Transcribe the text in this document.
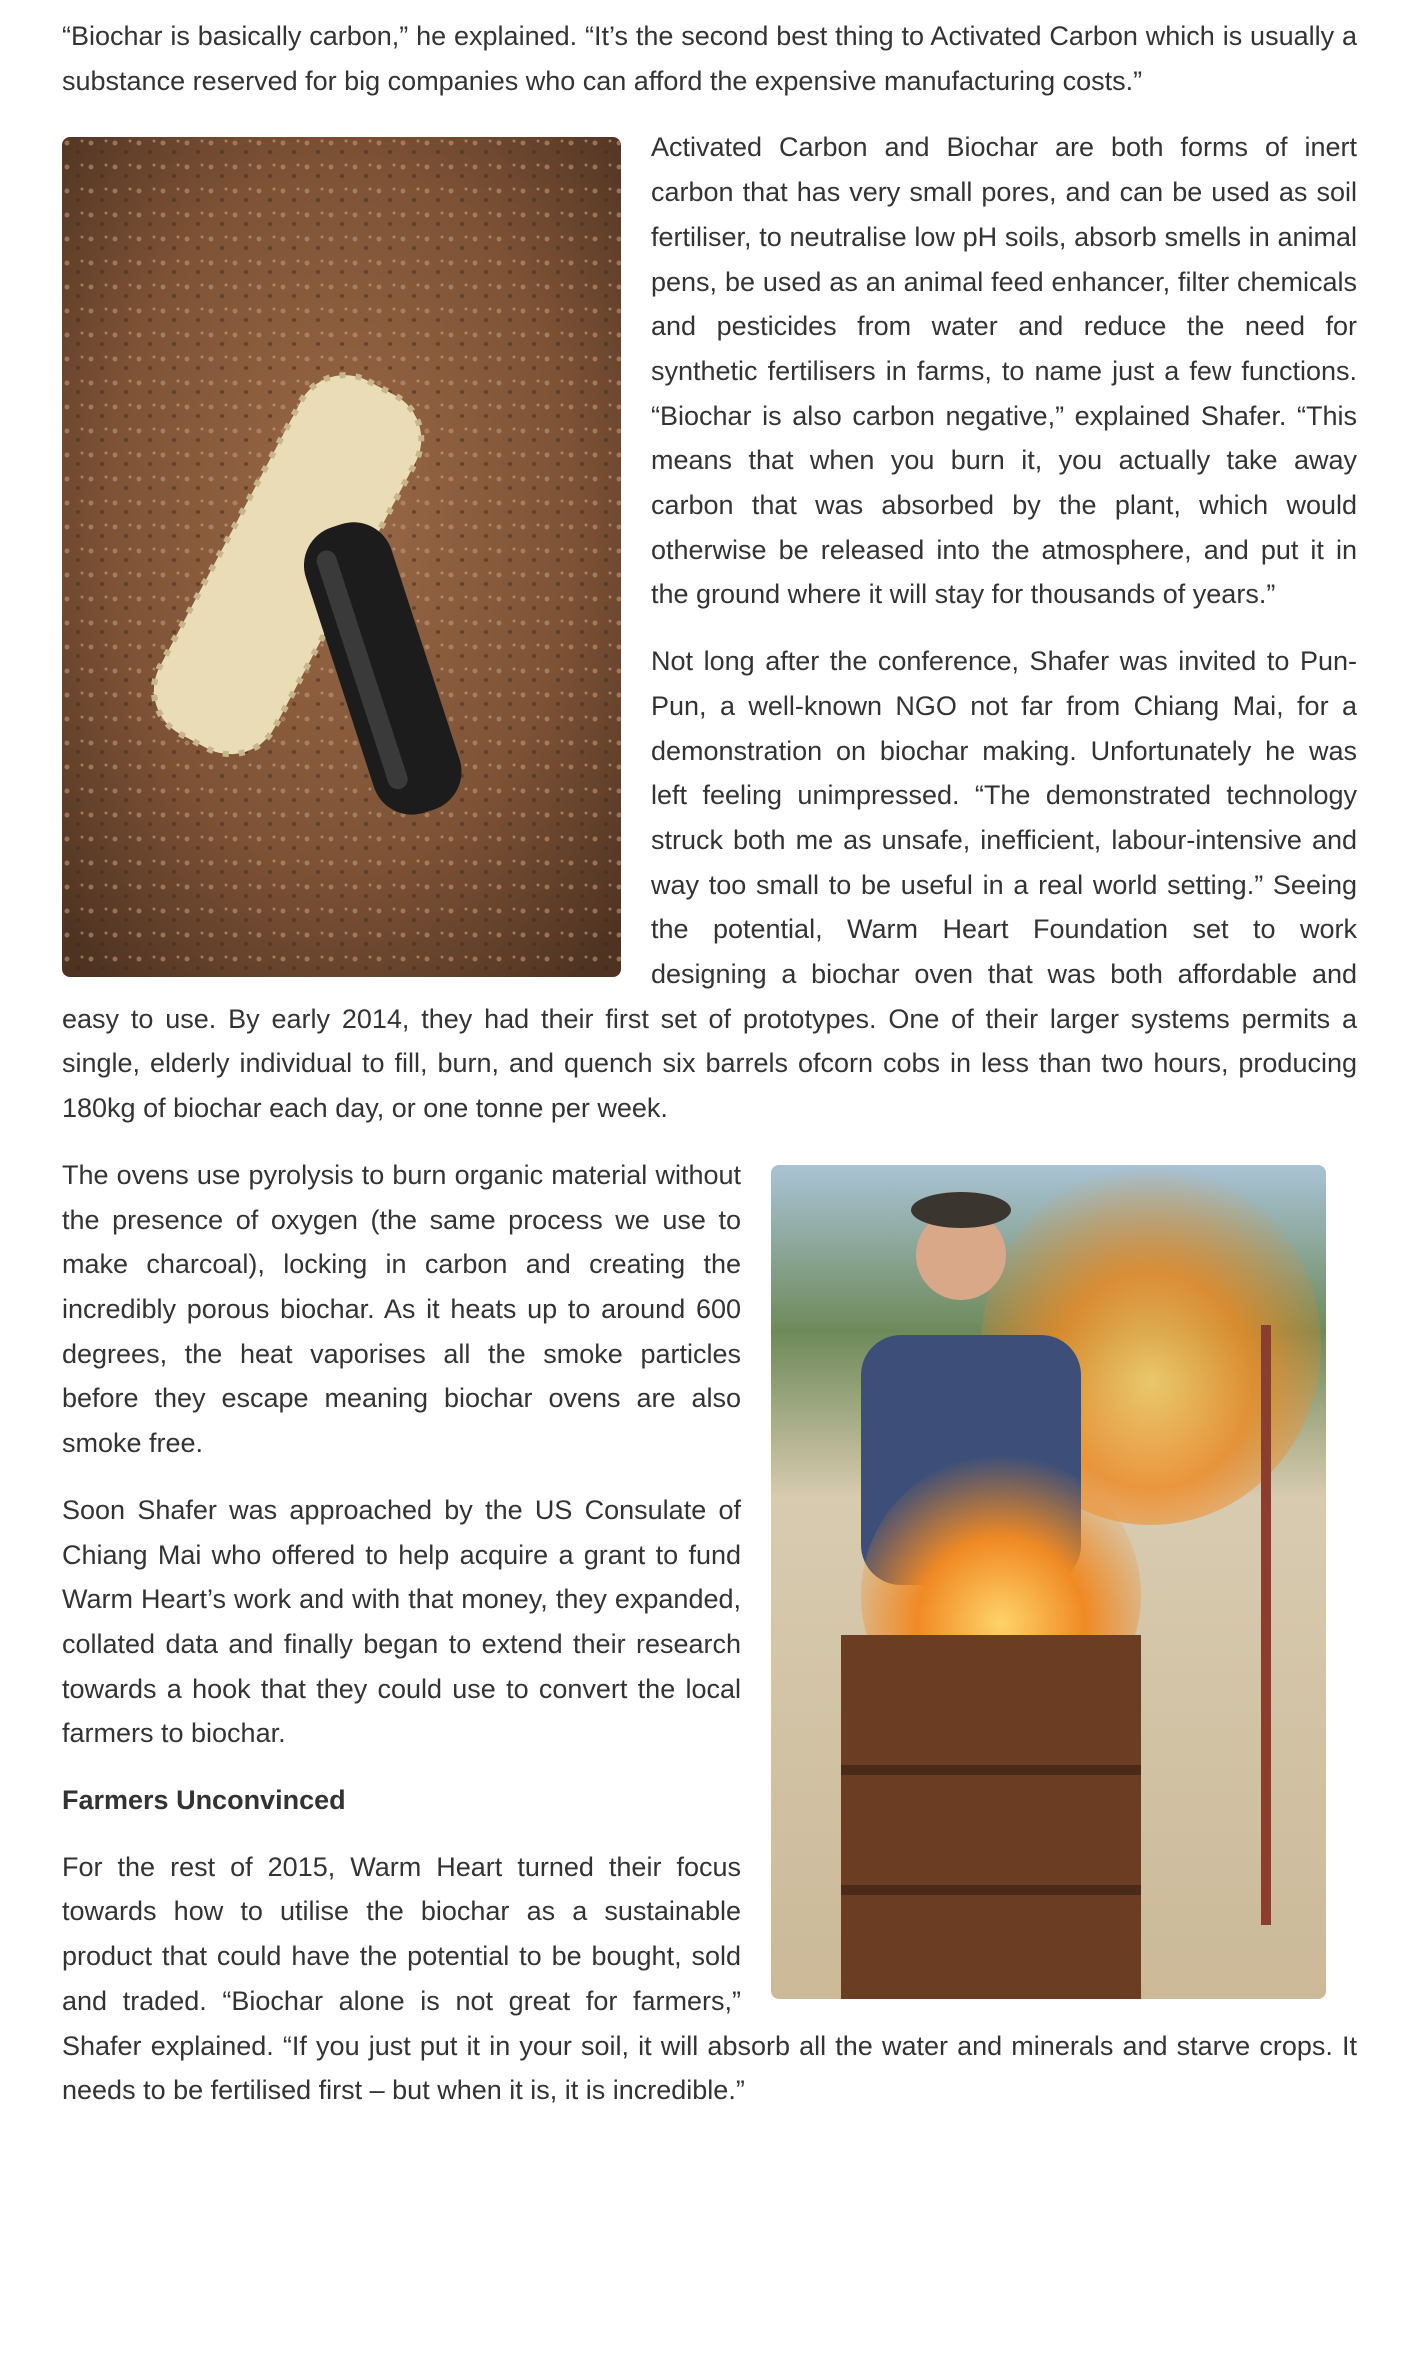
“Biochar is basically carbon,” he explained. “It’s the second best thing to Activated Carbon which is usually a substance reserved for big companies who can afford the expensive manufacturing costs.”

Activated Carbon and Biochar are both forms of inert carbon that has very small pores, and can be used as soil fertiliser, to neutralise low pH soils, absorb smells in animal pens, be used as an animal feed enhancer, filter chemicals and pesticides from water and reduce the need for synthetic fertilisers in farms, to name just a few functions. “Biochar is also carbon negative,” explained Shafer. “This means that when you burn it, you actually take away carbon that was absorbed by the plant, which would otherwise be released into the atmosphere, and put it in the ground where it will stay for thousands of years.”

Not long after the conference, Shafer was invited to Pun-Pun, a well-known NGO not far from Chiang Mai, for a demonstration on biochar making. Unfortunately he was left feeling unimpressed. “The demonstrated technology struck both me as unsafe, inefficient, labour-intensive and way too small to be useful in a real world setting.” Seeing the potential, Warm Heart Foundation set to work designing a biochar oven that was both affordable and easy to use. By early 2014, they had their first set of prototypes. One of their larger systems permits a single, elderly individual to fill, burn, and quench six barrels ofcorn cobs in less than two hours, producing 180kg of biochar each day, or one tonne per week.

The ovens use pyrolysis to burn organic material without the presence of oxygen (the same process we use to make charcoal), locking in carbon and creating the incredibly porous biochar. As it heats up to around 600 degrees, the heat vaporises all the smoke particles before they escape meaning biochar ovens are also smoke free.

Soon Shafer was approached by the US Consulate of Chiang Mai who offered to help acquire a grant to fund Warm Heart’s work and with that money, they expanded, collated data and finally began to extend their research towards a hook that they could use to convert the local farmers to biochar.

Farmers Unconvinced

For the rest of 2015, Warm Heart turned their focus towards how to utilise the biochar as a sustainable product that could have the potential to be bought, sold and traded. “Biochar alone is not great for farmers,” Shafer explained. “If you just put it in your soil, it will absorb all the water and minerals and starve crops. It needs to be fertilised first – but when it is, it is incredible.”
